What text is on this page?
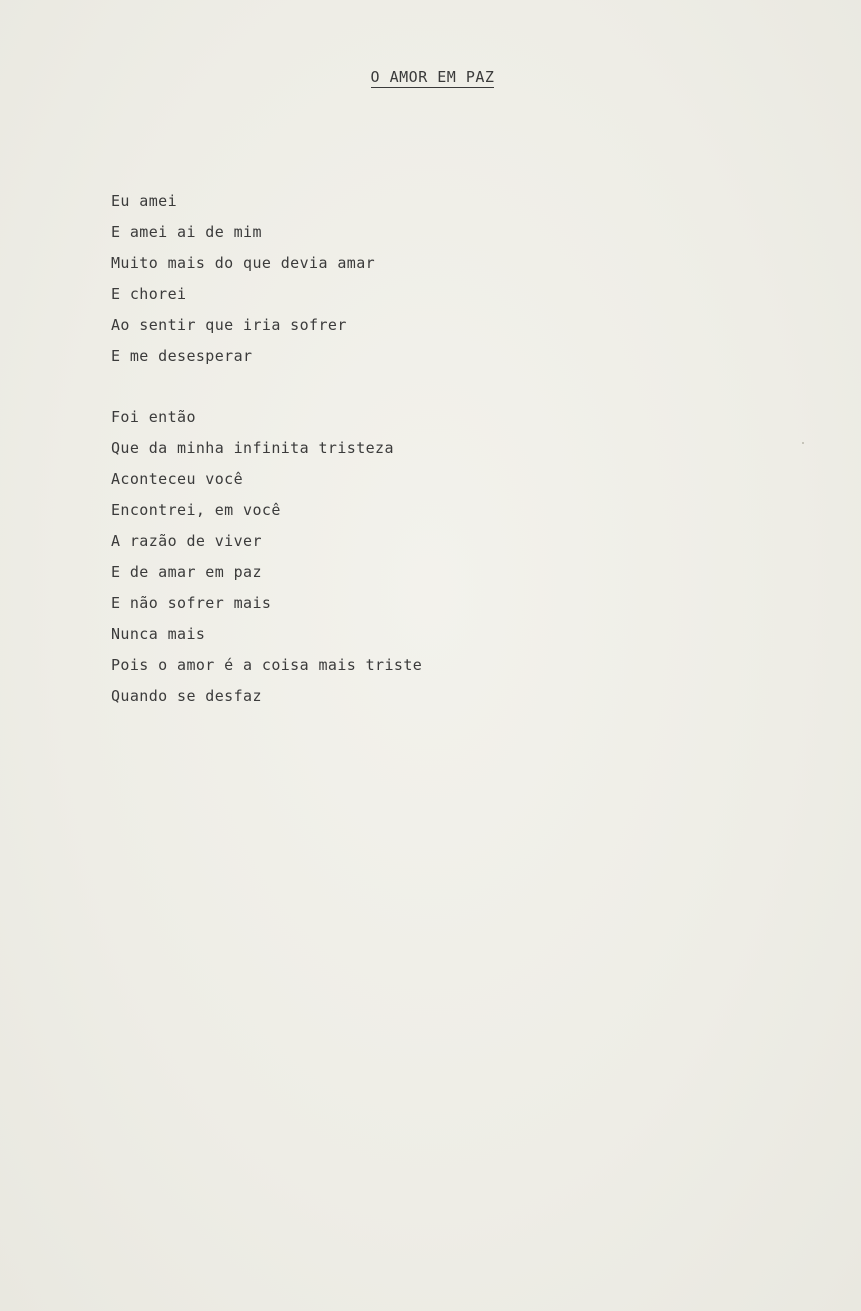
O AMOR EM PAZ
Eu amei
E amei ai de mim
Muito mais do que devia amar
E chorei
Ao sentir que iria sofrer
E me desesperar
Foi então
Que da minha infinita tristeza
Aconteceu você
Encontrei, em você
A razão de viver
E de amar em paz
E não sofrer mais
Nunca mais
Pois o amor é a coisa mais triste
Quando se desfaz
